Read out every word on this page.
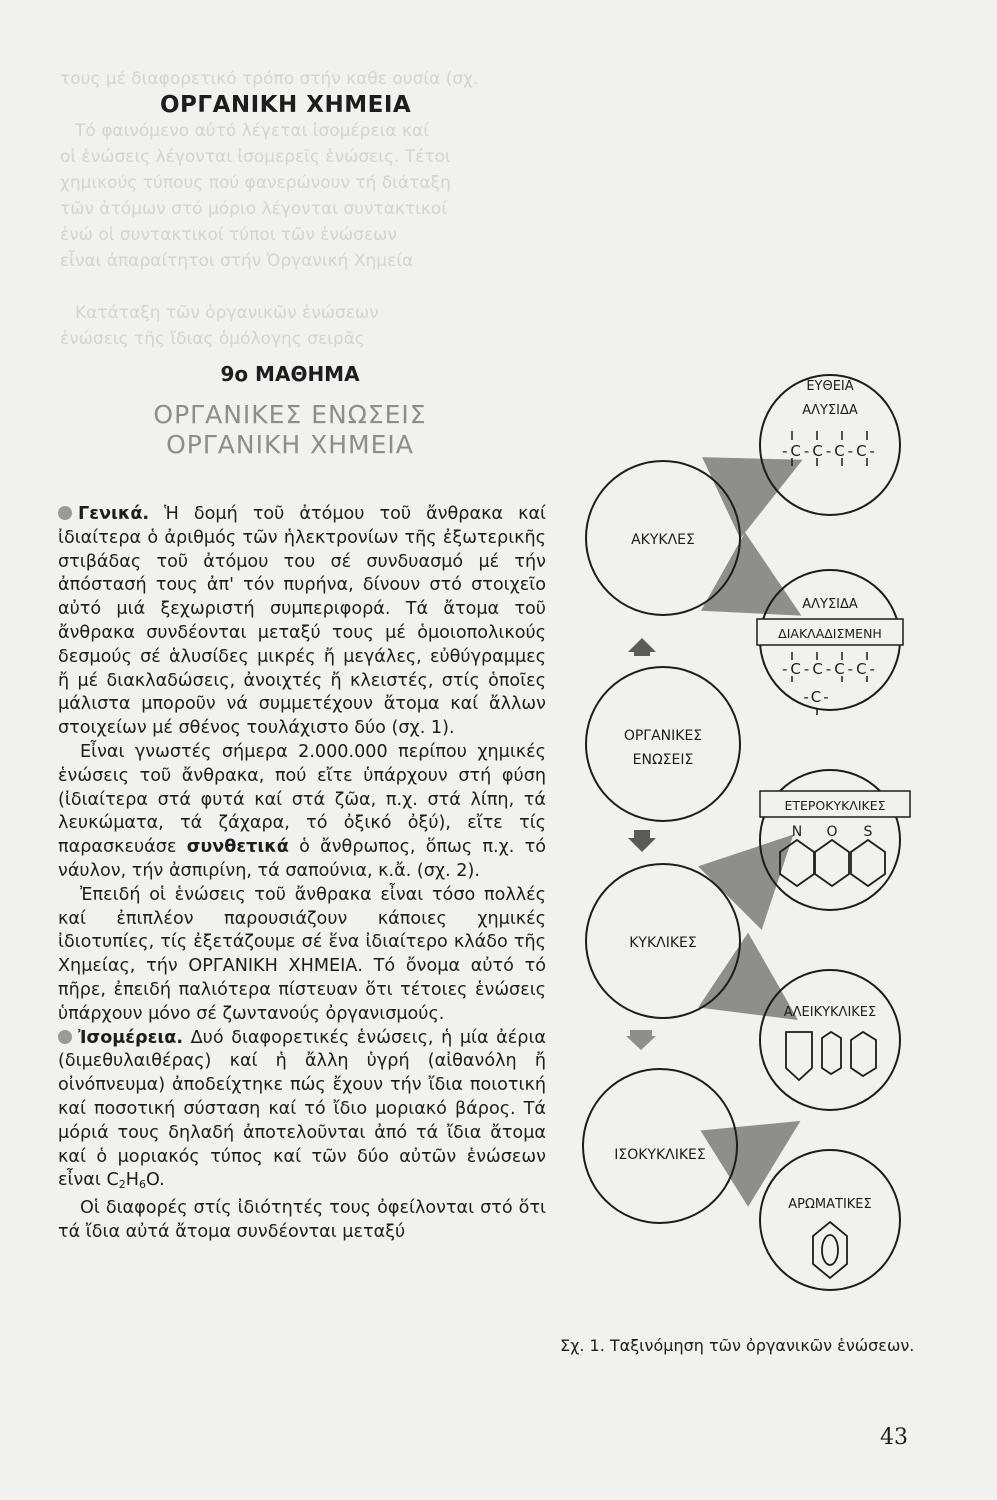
τους μέ διαφορετικό τρόπο στήν καθε ουσία (σχ.
Τό φαινόμενο αὐτό λέγεται ἰσομέρεια καί
οἱ ἑνώσεις λέγονται ἰσομερεῖς ἑνώσεις. Τέτοι
χημικούς τύπους πού φανερώνουν τή διάταξη
τῶν ἀτόμων στό μόριο λέγονται συντακτικοί
ἐνώ οἱ συντακτικοί τύποι τῶν ἑνώσεων
εἶναι ἀπαραίτητοι στήν Ὀργανική Χημεία
Κατάταξη τῶν ὀργανικῶν ἑνώσεων
ἐνώσεις τῆς ἴδιας ὁμόλογης σειρᾶς
ΟΡΓΑΝΙΚΗ ΧΗΜΕΙΑ
9ο ΜΑΘΗΜΑ
ΟΡΓΑΝΙΚΕΣ ΕΝΩΣΕΙΣ
ΟΡΓΑΝΙΚΗ ΧΗΜΕΙΑ

Γενικά. Ἡ δομή τοῦ ἀτόμου τοῦ ἄνθρακα καί ἰδιαίτερα ὁ ἀριθμός τῶν ἡλεκτρονίων τῆς ἐξωτερικῆς στιβάδας τοῦ ἀτόμου του σέ συνδυασμό μέ τήν ἀπόστασή τους ἀπ' τόν πυρήνα, δίνουν στό στοιχεῖο αὐτό μιά ξεχωριστή συμπεριφορά. Τά ἄτομα τοῦ ἄνθρακα συνδέονται μεταξύ τους μέ ὁμοιοπολικούς δεσμούς σέ ἁλυσίδες μικρές ἤ μεγάλες, εὐθύγραμμες ἤ μέ διακλαδώσεις, ἀνοιχτές ἤ κλειστές, στίς ὁποῖες μάλιστα μποροῦν νά συμμετέχουν ἄτομα καί ἄλλων στοιχείων μέ σθένος τουλάχιστο δύο (σχ. 1).

Εἶναι γνωστές σήμερα 2.000.000 περίπου χημικές ἑνώσεις τοῦ ἄνθρακα, πού εἴτε ὑπάρχουν στή φύση (ἰδιαίτερα στά φυτά καί στά ζῶα, π.χ. στά λίπη, τά λευκώματα, τά ζάχαρα, τό ὀξικό ὀξύ), εἴτε τίς παρασκευάσε συνθετικά ὁ ἄνθρωπος, ὅπως π.χ. τό νάυλον, τήν ἀσπιρίνη, τά σαπούνια, κ.ἄ. (σχ. 2).

Ἐπειδή οἱ ἑνώσεις τοῦ ἄνθρακα εἶναι τόσο πολλές καί ἐπιπλέον παρουσιάζουν κάποιες χημικές ἰδιοτυπίες, τίς ἐξετάζουμε σέ ἕνα ἰδιαίτερο κλάδο τῆς Χημείας, τήν ΟΡΓΑΝΙΚΗ ΧΗΜΕΙΑ. Τό ὄνομα αὐτό τό πῆρε, ἐπειδή παλιότερα πίστευαν ὅτι τέτοιες ἑνώσεις ὑπάρχουν μόνο σέ ζωντανούς ὀργανισμούς.

Ἰσομέρεια. Δυό διαφορετικές ἑνώσεις, ἡ μία ἀέρια (διμεθυλαιθέρας) καί ἡ ἄλλη ὑγρή (αἰθανόλη ἤ οἰνόπνευμα) ἀποδείχτηκε πώς ἔχουν τήν ἴδια ποιοτική καί ποσοτική σύσταση καί τό ἴδιο μοριακό βάρος. Τά μόριά τους δηλαδή ἀποτελοῦνται ἀπό τά ἴδια ἄτομα καί ὁ μοριακός τύπος καί τῶν δύο αὐτῶν ἑνώσεων εἶναι $C_2H_6O$.

Οἱ διαφορές στίς ἰδιότητές τους ὀφείλονται στό ὅτι τά ἴδια αὐτά ἄτομα συνδέονται μεταξύ

ΑΚΥΚΛΕΣ
ΟΡΓΑΝΙΚΕΣ
ΕΝΩΣΕΙΣ
ΚΥΚΛΙΚΕΣ
ΙΣΟΚΥΚΛΙΚΕΣ
ΕΥΘΕΙΑ
ΑΛΥΣΙΔΑ
-C-C-C-C-
ΑΛΥΣΙΔΑ
ΔΙΑΚΛΑΔΙΣΜΕΝΗ
-C-C-C-C-
-C-
ΕΤΕΡΟΚΥΚΛΙΚΕΣ
N O S
ΑΛΕΙΚΥΚΛΙΚΕΣ
ΑΡΩΜΑΤΙΚΕΣ
Σχ. 1. Ταξινόμηση τῶν ὀργανικῶν ἑνώσεων.
43
